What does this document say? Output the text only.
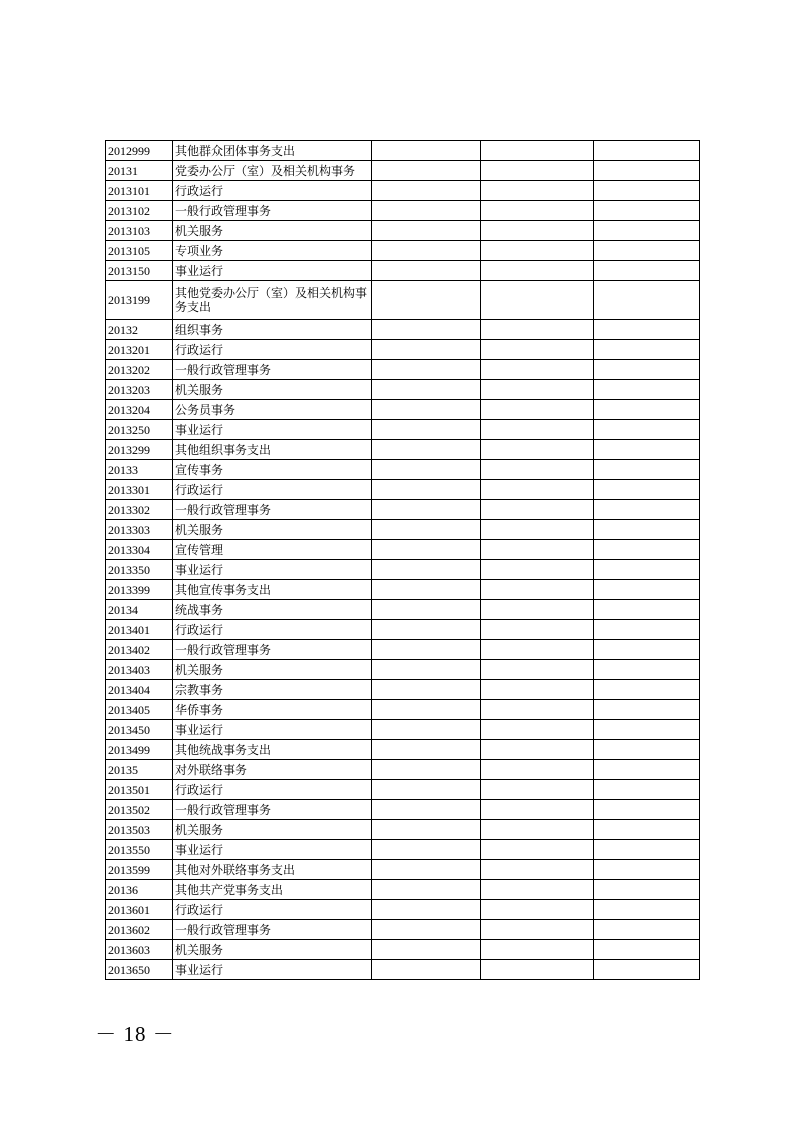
2012999	其他群众团体事务支出			
20131	党委办公厅（室）及相关机构事务			
2013101	行政运行			
2013102	一般行政管理事务			
2013103	机关服务			
2013105	专项业务			
2013150	事业运行			
2013199	其他党委办公厅（室）及相关机构事务支出			
20132	组织事务			
2013201	行政运行			
2013202	一般行政管理事务			
2013203	机关服务			
2013204	公务员事务			
2013250	事业运行			
2013299	其他组织事务支出			
20133	宣传事务			
2013301	行政运行			
2013302	一般行政管理事务			
2013303	机关服务			
2013304	宣传管理			
2013350	事业运行			
2013399	其他宣传事务支出			
20134	统战事务			
2013401	行政运行			
2013402	一般行政管理事务			
2013403	机关服务			
2013404	宗教事务			
2013405	华侨事务			
2013450	事业运行			
2013499	其他统战事务支出			
20135	对外联络事务			
2013501	行政运行			
2013502	一般行政管理事务			
2013503	机关服务			
2013550	事业运行			
2013599	其他对外联络事务支出			
20136	其他共产党事务支出			
2013601	行政运行			
2013602	一般行政管理事务			
2013603	机关服务			
2013650	事业运行			
－ 18 －
